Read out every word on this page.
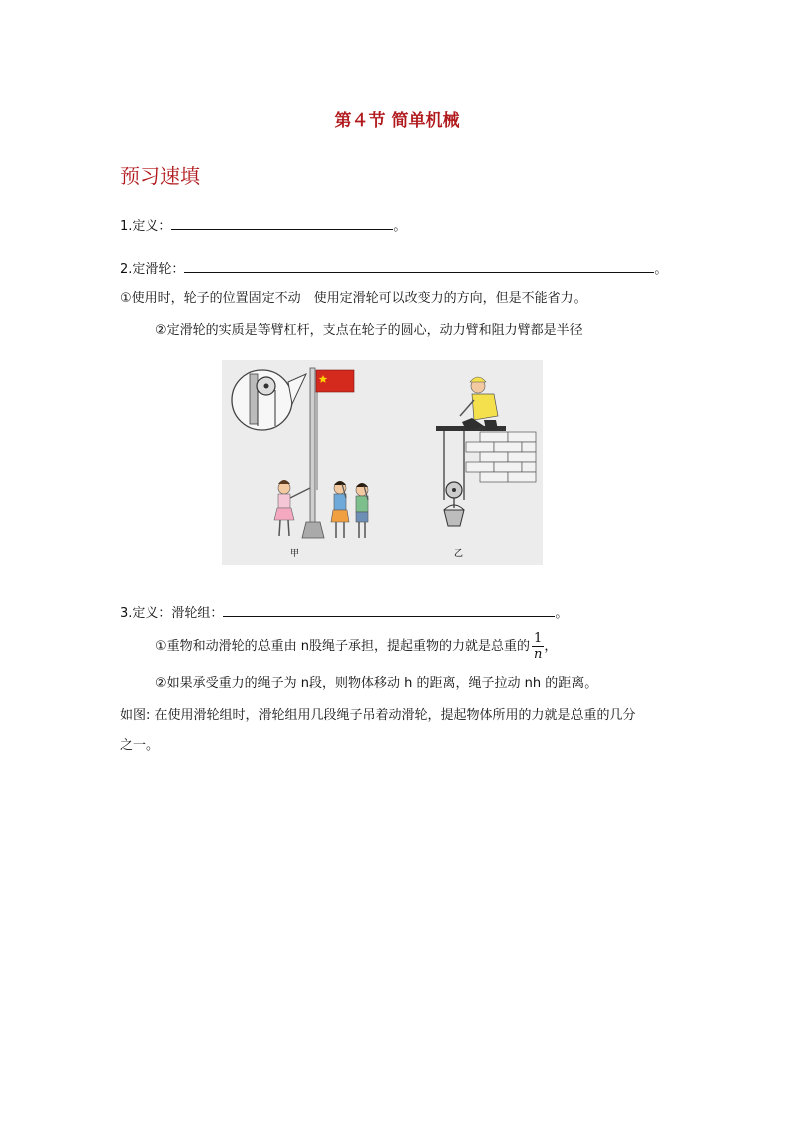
第４节 简单机械
预习速填
1.定义：	。
2.定滑轮：	。
①使用时，轮子的位置固定不动　使用定滑轮可以改变力的方向，但是不能省力。
②定滑轮的实质是等臂杠杆，支点在轮子的圆心，动力臂和阻力臂都是半径
甲	乙
3.定义：滑轮组：	。
①重物和动滑轮的总重由 n股绳子承担，提起重物的力就是总重的 $\frac{1}{n}$ ，
②如果承受重力的绳子为 n段，则物体移动 h 的距离，绳子拉动 nh 的距离。
如图: 在使用滑轮组时，滑轮组用几段绳子吊着动滑轮，提起物体所用的力就是总重的几分
之一。
